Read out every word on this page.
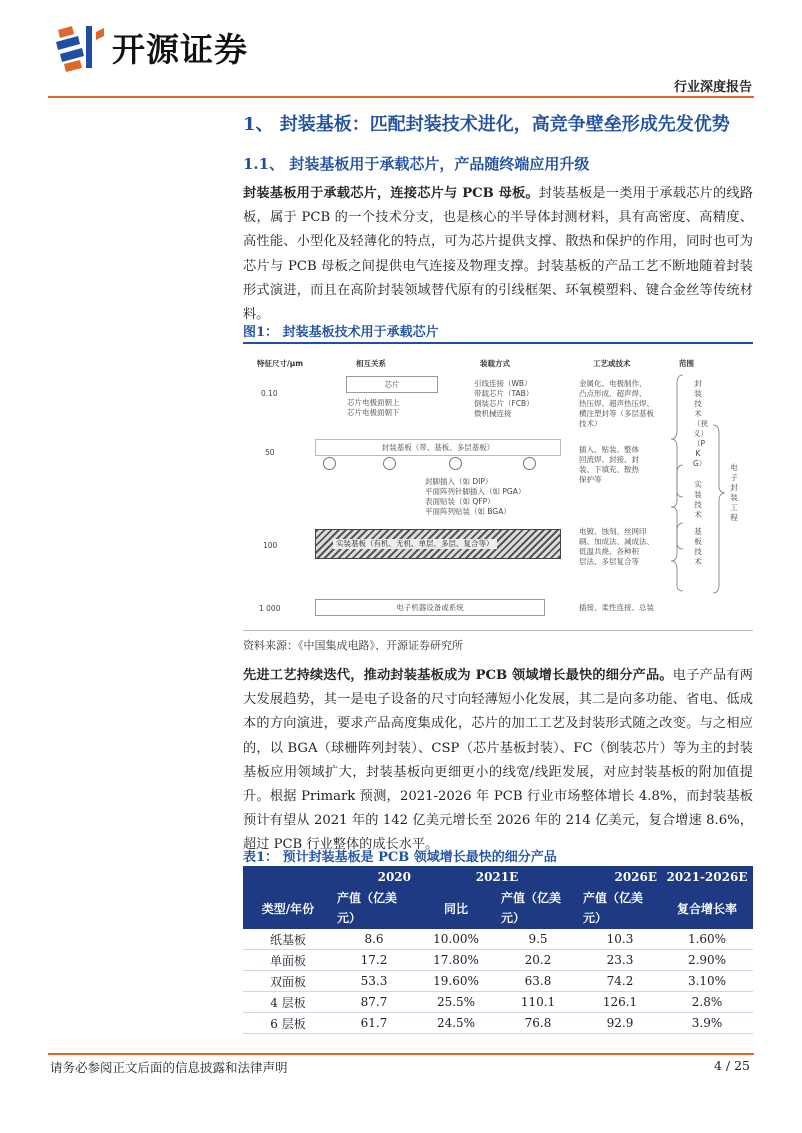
开源证券
行业深度报告
1、 封装基板：匹配封装技术进化，高竞争壁垒形成先发优势
1.1、 封装基板用于承载芯片，产品随终端应用升级
封装基板用于承载芯片，连接芯片与 PCB 母板。封装基板是一类用于承载芯片的线路板，属于 PCB 的一个技术分支，也是核心的半导体封测材料，具有高密度、高精度、高性能、小型化及轻薄化的特点，可为芯片提供支撑、散热和保护的作用，同时也可为芯片与 PCB 母板之间提供电气连接及物理支撑。封装基板的产品工艺不断地随着封装形式演进，而且在高阶封装领域替代原有的引线框架、环氧模塑料、键合金丝等传统材料。
图1： 封装基板技术用于承载芯片
特征尺寸/μm	相互关系	装载方式	工艺或技术	范围
0.10
50
100
1 000
芯片
芯片电极面朝上
芯片电极面朝下
引线连接（WB）
带载芯片（TAB）
倒装芯片（FCB）
微机械连接
金属化、电极制作、
凸点形成、超声焊、
热压焊、超声热压焊、
横注塑封等（多层基板
技术）
封装基板（带、基板、多层基板）
封脚插入（如 DIP）
平面阵列针脚插入（如 PGA）
表面贴装（如 QFP）
平面阵列贴装（如 BGA）
插入、贴装、整体
回流焊、封接、封
装、下填充、散热
保护等
实装基板（有机、无机、单层、多层、复合等）
电镀、蚀刻、丝网印
刷、加成法、减成法、
低温共烧、各种积
层法、多层复合等
电子机器设备或系统	插接、柔性连接、总装
封装技术（狭义）（PKG）
实装技术
基板技术
电子封装工程
资料来源：《中国集成电路》、开源证券研究所
先进工艺持续迭代，推动封装基板成为 PCB 领域增长最快的细分产品。电子产品有两大发展趋势，其一是电子设备的尺寸向轻薄短小化发展，其二是向多功能、省电、低成本的方向演进，要求产品高度集成化，芯片的加工工艺及封装形式随之改变。与之相应的，以 BGA（球栅阵列封装）、CSP（芯片基板封装）、FC（倒装芯片）等为主的封装基板应用领域扩大，封装基板向更细更小的线宽/线距发展，对应封装基板的附加值提升。根据 Primark 预测，2021-2026 年 PCB 行业市场整体增长 4.8%，而封装基板预计有望从 2021 年的 142 亿美元增长至 2026 年的 214 亿美元，复合增速 8.6%，超过 PCB 行业整体的成长水平。
表1： 预计封装基板是 PCB 领域增长最快的细分产品
	2020	2021E		2026E	2021-2026E
类型/年份	产值（亿美元）	同比	产值（亿美元）	产值（亿美元）	复合增长率
纸基板	8.6	10.00%	9.5	10.3	1.60%
单面板	17.2	17.80%	20.2	23.3	2.90%
双面板	53.3	19.60%	63.8	74.2	3.10%
4 层板	87.7	25.5%	110.1	126.1	2.8%
6 层板	61.7	24.5%	76.8	92.9	3.9%
请务必参阅正文后面的信息披露和法律声明	4 / 25
